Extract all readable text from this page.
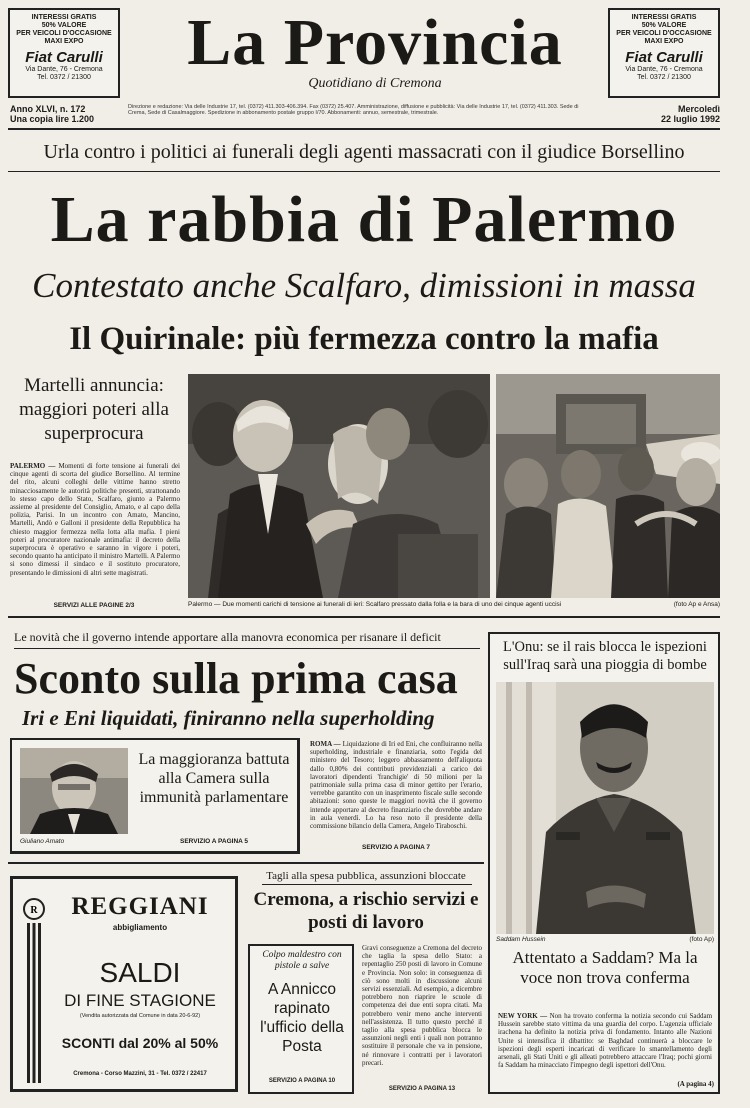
INTERESSI GRATIS
50% VALORE
PER VEICOLI D'OCCASIONE
MAXI EXPO
Fiat Carulli
Via Dante, 76 - Cremona
Tel. 0372 / 21300	La Provincia
Quotidiano di Cremona
INTERESSI GRATIS
50% VALORE
PER VEICOLI D'OCCASIONE
MAXI EXPO
Fiat Carulli
Via Dante, 76 - Cremona
Tel. 0372 / 21300
Anno XLVI, n. 172
Una copia lire 1.200
Direzione e redazione: Via delle Industrie 17, tel. (0372) 411.303-406.394. Fax (0372) 25.407. Amministrazione, diffusione e pubblicità: Via delle Industrie 17, tel. (0372) 411.303. Sede di Crema, Sede di Casalmaggiore. Spedizione in abbonamento postale gruppo I/70. Abbonamenti: annuo, semestrale, trimestrale.	Mercoledì
22 luglio 1992
Urla contro i politici ai funerali degli agenti massacrati con il giudice Borsellino
La rabbia di Palermo
Contestato anche Scalfaro, dimissioni in massa
Il Quirinale: più fermezza contro la mafia
Martelli annuncia: maggiori poteri alla superprocura
PALERMO — Momenti di forte tensione ai funerali dei cinque agenti di scorta del giudice Borsellino. Al termine del rito, alcuni colleghi delle vittime hanno stretto minacciosamente le autorità politiche presenti, strattonando lo stesso capo dello Stato, Scalfaro, giunto a Palermo assieme al presidente del Consiglio, Amato, e al capo della polizia, Parisi. In un incontro con Amato, Mancino, Martelli, Andò e Galloni il presidente della Repubblica ha chiesto maggior fermezza nella lotta alla mafia. I pieni poteri al procuratore nazionale antimafia: il decreto della superprocura è operativo e saranno in vigore i poteri, secondo quanto ha anticipato il ministro Martelli. A Palermo si sono dimessi il sindaco e il sostituto procuratore, presentando le dimissioni di altri sette magistrati.
SERVIZI ALLE PAGINE 2/3	Palermo — Due momenti carichi di tensione ai funerali di ieri: Scalfaro pressato dalla folla e la bara di uno dei cinque agenti uccisi	(foto Ap e Ansa)
Le novità che il governo intende apportare alla manovra economica per risanare il deficit
Sconto sulla prima casa
Iri e Eni liquidati, finiranno nella superholding
Giuliano Amato
La maggioranza battuta alla Camera sulla immunità parlamentare
SERVIZIO A PAGINA 5
ROMA — Liquidazione di Iri ed Eni, che confluiranno nella superholding, industriale e finanziaria, sotto l'egida del ministero del Tesoro; leggero abbassamento dell'aliquota dallo 0,80% dei contributi previdenziali a carico dei lavoratori dipendenti 'franchigie' di 50 milioni per la patrimoniale sulla prima casa di minor gettito per l'erario, verrebbe garantito con un inasprimento fiscale sulle seconde abitazioni: sono queste le maggiori novità che il governo intende apportare al decreto finanziario che dovrebbe andare in aula venerdì. Lo ha reso noto il presidente della commissione bilancio della Camera, Angelo Tiraboschi.
SERVIZIO A PAGINA 7
L'Onu: se il rais blocca le ispezioni sull'Iraq sarà una pioggia di bombe
Saddam Hussein	(foto Ap)
Attentato a Saddam? Ma la voce non trova conferma
NEW YORK — Non ha trovato conferma la notizia secondo cui Saddam Hussein sarebbe stato vittima da una guardia del corpo. L'agenzia ufficiale irachena ha definito la notizia priva di fondamento. Intanto alle Nazioni Unite si intensifica il dibattito: se Baghdad continuerà a bloccare le ispezioni degli esperti incaricati di verificare lo smantellamento degli arsenali, gli Stati Uniti e gli alleati potrebbero attaccare l'Iraq; pochi giorni fa Saddam ha minacciato l'impegno degli ispettori dell'Onu.
(A pagina 4)
R	REGGIANI
abbigliamento
SALDI
DI FINE STAGIONE
(Vendita autorizzata dal Comune in data 20-6-92)
SCONTI dal 20% al 50%
Cremona - Corso Mazzini, 31 - Tel. 0372 / 22417
Tagli alla spesa pubblica, assunzioni bloccate
Cremona, a rischio servizi e posti di lavoro
Colpo maldestro con pistole a salve
A Annicco rapinato l'ufficio della Posta
SERVIZIO A PAGINA 10
Gravi conseguenze a Cremona del decreto che taglia la spesa dello Stato: a repentaglio 250 posti di lavoro in Comune e Provincia. Non solo: in conseguenza di ciò sono molti in discussione alcuni servizi essenziali. Ad esempio, a dicembre potrebbero non riaprire le scuole di competenza dei due enti sopra citati. Ma potrebbero venir meno anche interventi nell'assistenza. Il tutto questo perché il taglio alla spesa pubblica blocca le assunzioni negli enti i quali non potranno sostituire il personale che va in pensione, né rinnovare i contratti per i lavoratori precari.
SERVIZIO A PAGINA 13
